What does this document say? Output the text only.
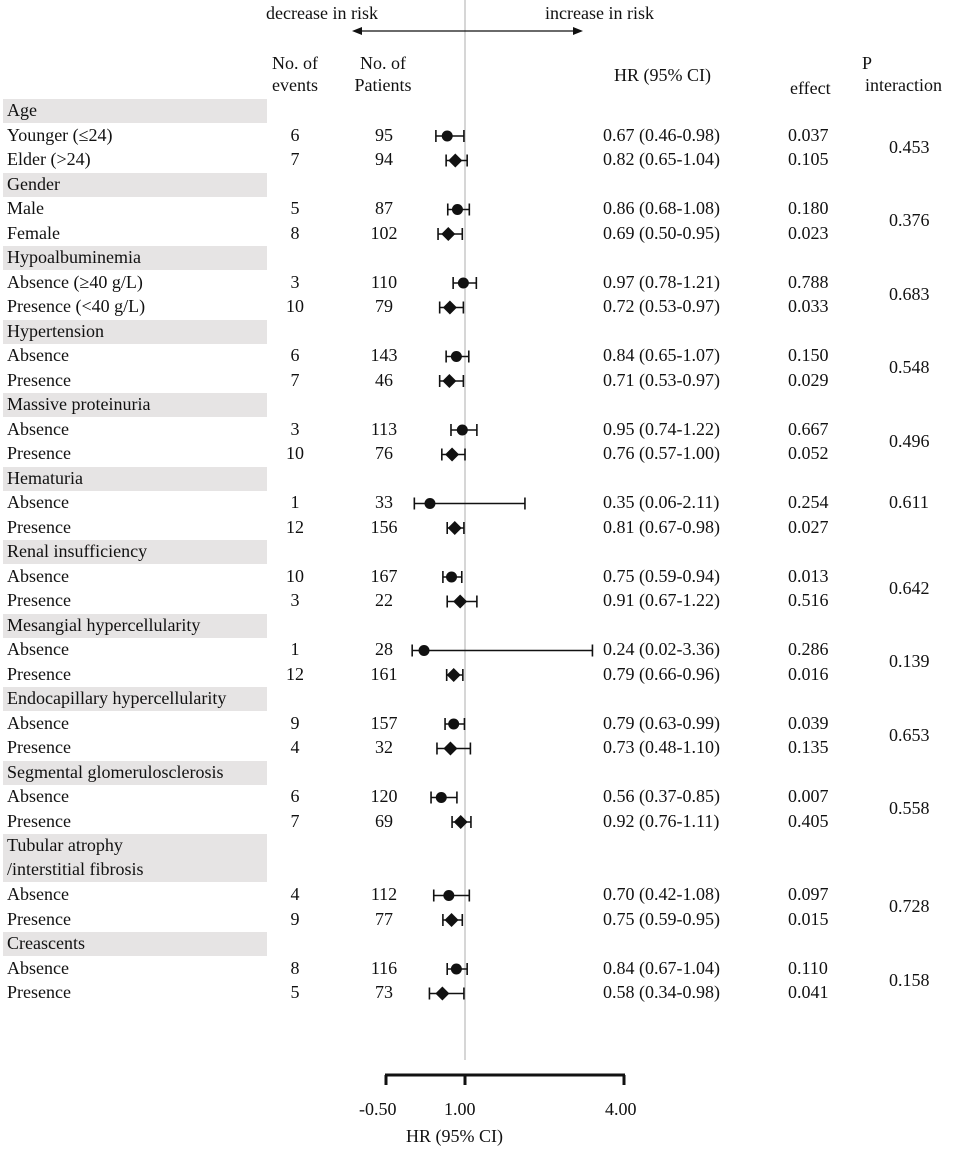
decrease in risk	increase in risk
No. of
events
No. of
Patients	HR (95% CI)
effect
P
interaction
Age
Younger (≤24)	6	95	0.67 (0.46-0.98)	0.037
Elder (>24)	7	94	0.82 (0.65-1.04)	0.105
0.453
Gender
Male	5	87	0.86 (0.68-1.08)	0.180
Female	8	102	0.69 (0.50-0.95)	0.023
0.376
Hypoalbuminemia
Absence (≥40 g/L)	3	110	0.97 (0.78-1.21)	0.788
Presence (<40 g/L)	10	79	0.72 (0.53-0.97)	0.033
0.683
Hypertension
Absence	6	143	0.84 (0.65-1.07)	0.150
Presence	7	46	0.71 (0.53-0.97)	0.029
0.548
Massive proteinuria
Absence	3	113	0.95 (0.74-1.22)	0.667
Presence	10	76	0.76 (0.57-1.00)	0.052
0.496
Hematuria
Absence	1	33	0.35 (0.06-2.11)	0.254
Presence	12	156	0.81 (0.67-0.98)	0.027
0.611
Renal insufficiency
Absence	10	167	0.75 (0.59-0.94)	0.013
Presence	3	22	0.91 (0.67-1.22)	0.516
0.642
Mesangial hypercellularity
Absence	1	28	0.24 (0.02-3.36)	0.286
Presence	12	161	0.79 (0.66-0.96)	0.016
0.139
Endocapillary hypercellularity
Absence	9	157	0.79 (0.63-0.99)	0.039
Presence	4	32	0.73 (0.48-1.10)	0.135
0.653
Segmental glomerulosclerosis
Absence	6	120	0.56 (0.37-0.85)	0.007
Presence	7	69	0.92 (0.76-1.11)	0.405
0.558
Tubular atrophy
/interstitial fibrosis
Absence	4	112	0.70 (0.42-1.08)	0.097
Presence	9	77	0.75 (0.59-0.95)	0.015
0.728
Creascents
Absence	8	116	0.84 (0.67-1.04)	0.110
Presence	5	73	0.58 (0.34-0.98)	0.041
0.158
-0.50	1.00	4.00
HR (95% CI)
